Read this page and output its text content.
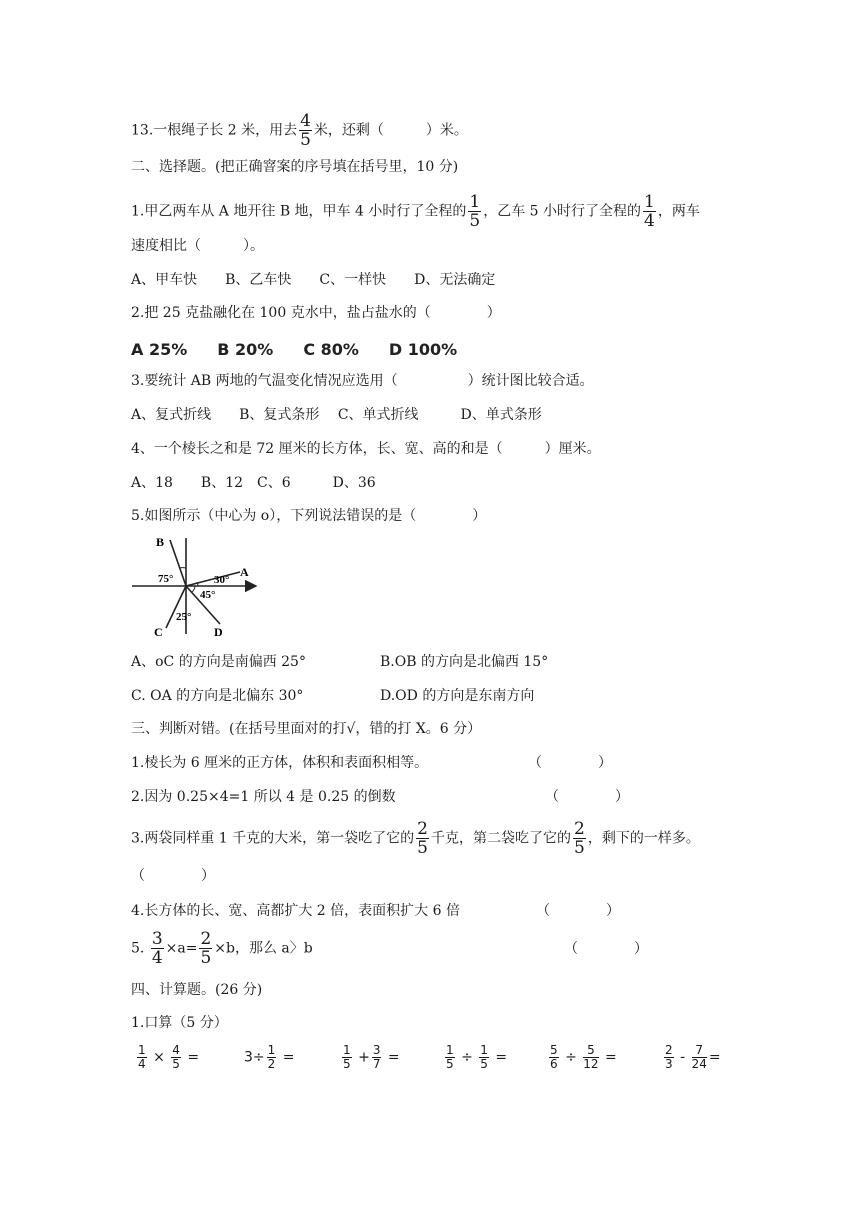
13.一根绳子长 2 米，用去 $\frac{4}{5}$ 米，还剩（　　　）米。
二、选择题。(把正确窨案的序号填在括号里，10 分)
1.甲乙两车从 A 地开往 B 地，甲车 4 小时行了全程的 $\frac{1}{5}$ ，乙车 5 小时行了全程的 $\frac{1}{4}$ ，两车
速度相比（　　　）。
A、甲车快　　B、乙车快　　C、一样快　　D、无法确定
2.把 25 克盐融化在 100 克水中，盐占盐水的（　　　　）
A 25% B 20% C 80% D 100%
3.要统计 AB 两地的气温变化情况应选用（　　　　　）统计图比较合适。
A、复式折线　　B、复式条形　 C、单式折线　　　D、单式条形
4、一个棱长之和是 72 厘米的长方体，长、宽、高的和是（　　　）厘米。
A、18　　B、12　C、6　　　D、36
5.如图所示（中心为 o），下列说法错误的是（　　　　）
B
A
C	D
75°	30°
45°
25°
A、oC 的方向是南偏西 25°	B.OB 的方向是北偏西 15°
C. OA 的方向是北偏东 30°	D.OD 的方向是东南方向
三、判断对错。(在括号里面对的打√，错的打 X。6 分）
1.棱长为 6 厘米的正方体，体积和表面积相等。	（　　　　）
2.因为 0.25×4=1 所以 4 是 0.25 的倒数	（　　　　）
3.两袋同样重 1 千克的大米，第一袋吃了它的 $\frac{2}{5}$ 千克，第二袋吃了它的 $\frac{2}{5}$ ，剩下的一样多。
（　　　　）
4.长方体的长、宽、高都扩大 2 倍，表面积扩大 6 倍	（　　　　）
5. $\frac{3}{4} \times a= \frac{2}{5} \times b$，那么 a〉b	（　　　　）
四、计算题。(26 分)
1.口算（5 分）
$\frac{1}{4} \times \frac{4}{5}$ =	$3\div \frac{1}{2}$ =	$\frac{1}{5} + \frac{3}{7}$ =	$\frac{1}{5} \div \frac{1}{5}$ =	$\frac{5}{6} \div \frac{5}{12}$ =	$\frac{2}{3} - \frac{7}{24}$ =
